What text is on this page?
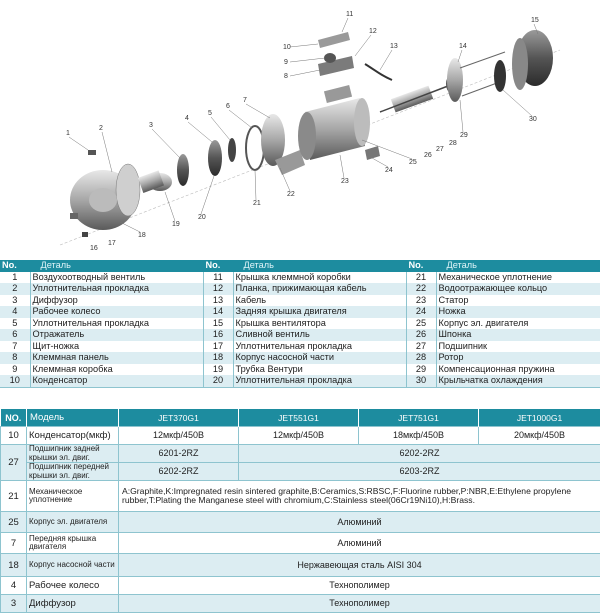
1
2	3
4
5
6
7
8
9
10
11
12
13	14
15
16
17
18
19
20
21
22
23
24
25
26
27
28
29
30
No.	Деталь	No.	Деталь	No.	Деталь
1	Воздухоотводный вентиль	11	Крышка клеммной коробки	21	Механическое уплотнение
2	Уплотнительная прокладка	12	Планка, прижимающая кабель	22	Водоотражающее кольцо
3	Диффузор	13	Кабель	23	Статор
4	Рабочее колесо	14	Задняя крышка двигателя	24	Ножка
5	Уплотнительная прокладка	15	Крышка вентилятора	25	Корпус эл. двигателя
6	Отражатель	16	Сливной вентиль	26	Шпонка
7	Щит-ножка	17	Уплотнительная прокладка	27	Подшипник
8	Клеммная панель	18	Корпус насосной части	28	Ротор
9	Клеммная коробка	19	Трубка Вентури	29	Компенсационная пружина
10	Конденсатор	20	Уплотнительная прокладка	30	Крыльчатка охлаждения
NO.	Модель	JET370G1	JET551G1	JET751G1	JET1000G1
10	Конденсатор(мкф)	12мкф/450В	12мкф/450В	18мкф/450В	20мкф/450В
27	Подшипник задней крышки эл. двиг.	6201-2RZ	6202-2RZ		
	Подшипник передней крышки эл. двиг.	6202-2RZ	6203-2RZ		
21	Механическое уплотнение	A:Graphite,K:Impregnated resin sintered graphite,B:Ceramics,S:RBSC,F:Fluorine rubber,P:NBR,E:Ethylene propylene rubber,T:Plating the Manganese steel with chromium,C:Stainless steel(06Cr19Ni10),H:Brass.			
25	Корпус эл. двигателя	Алюминий			
7	Передняя крышка двигателя	Алюминий			
18	Корпус насосной части	Нержавеющая сталь AISI 304			
4	Рабочее колесо	Технополимер			
3	Диффузор	Технополимер			
